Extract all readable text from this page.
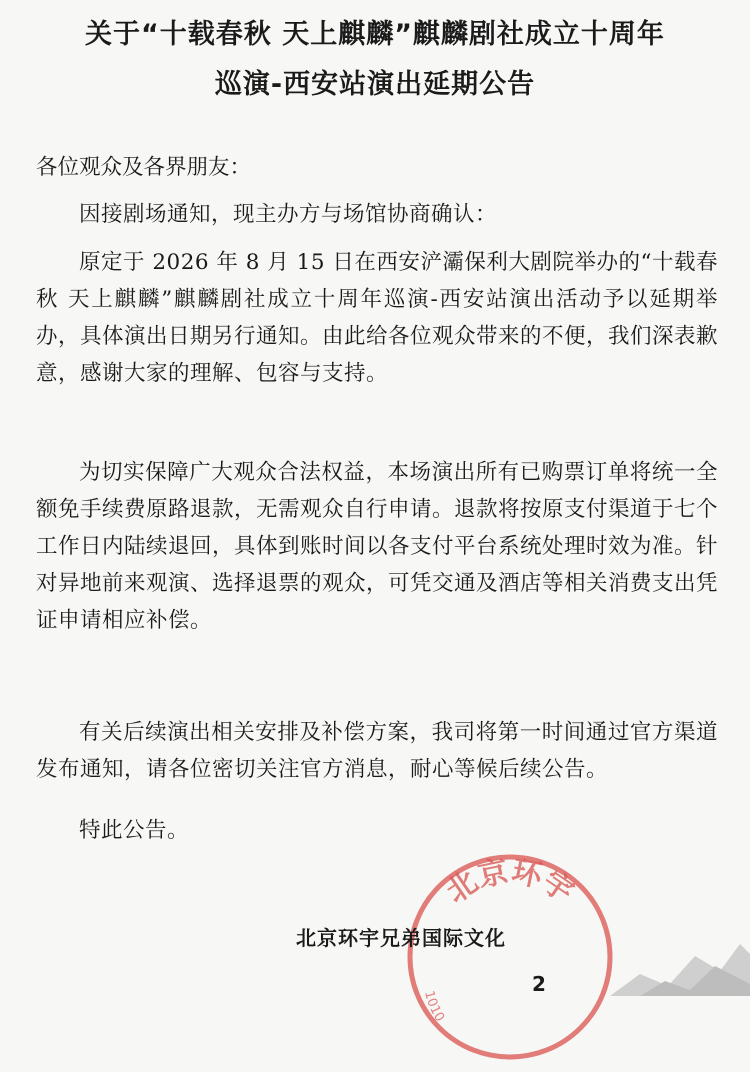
关于“十载春秋 天上麒麟”麒麟剧社成立十周年
巡演-西安站演出延期公告

各位观众及各界朋友：

因接剧场通知，现主办方与场馆协商确认：

原定于 2026 年 8 月 15 日在西安浐灞保利大剧院举办的“十载春秋 天上麒麟”麒麟剧社成立十周年巡演-西安站演出活动予以延期举办，具体演出日期另行通知。由此给各位观众带来的不便，我们深表歉意，感谢大家的理解、包容与支持。

为切实保障广大观众合法权益，本场演出所有已购票订单将统一全额免手续费原路退款，无需观众自行申请。退款将按原支付渠道于七个工作日内陆续退回，具体到账时间以各支付平台系统处理时效为准。针对异地前来观演、选择退票的观众，可凭交通及酒店等相关消费支出凭证申请相应补偿。

有关后续演出相关安排及补偿方案，我司将第一时间通过官方渠道发布通知，请各位密切关注官方消息，耐心等候后续公告。

特此公告。

北京环宇
1010

北京环宇兄弟国际文化

2
